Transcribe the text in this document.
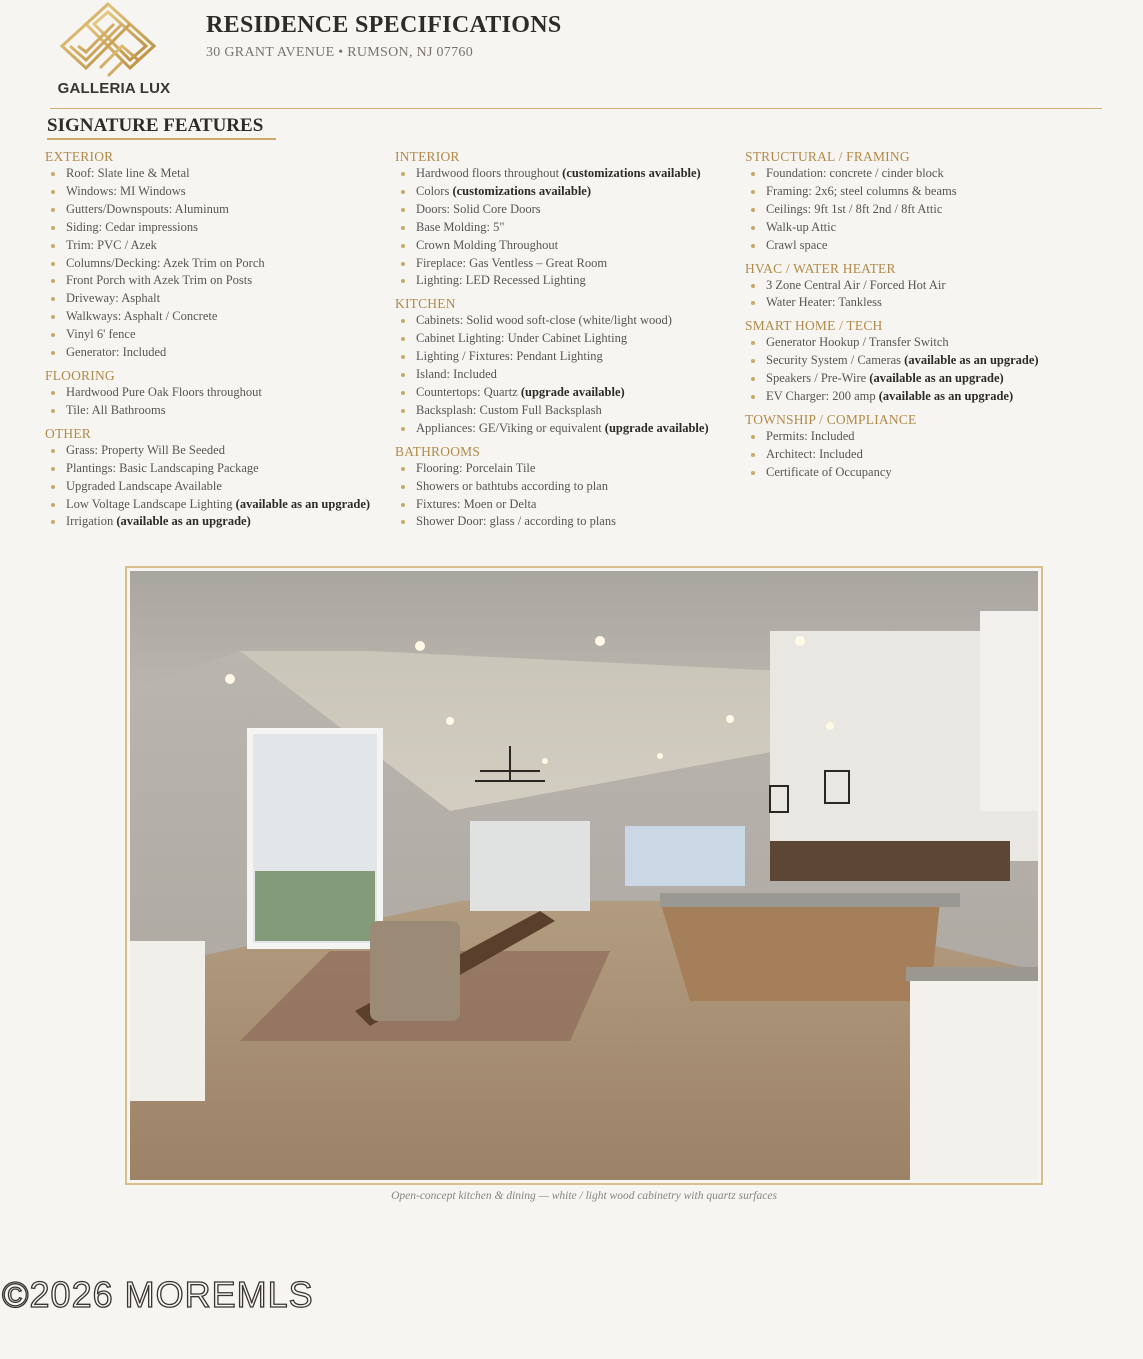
GALLERIA LUX
RESIDENCE SPECIFICATIONS
30 GRANT AVENUE • RUMSON, NJ 07760
SIGNATURE FEATURES
EXTERIOR
Roof: Slate line & Metal
Windows: MI Windows
Gutters/Downspouts: Aluminum
Siding: Cedar impressions
Trim: PVC / Azek
Columns/Decking: Azek Trim on Porch
Front Porch with Azek Trim on Posts
Driveway: Asphalt
Walkways: Asphalt / Concrete
Vinyl 6' fence
Generator: Included
FLOORING
Hardwood Pure Oak Floors throughout
Tile: All Bathrooms
OTHER
Grass: Property Will Be Seeded
Plantings: Basic Landscaping Package
Upgraded Landscape Available
Low Voltage Landscape Lighting (available as an upgrade)
Irrigation (available as an upgrade)
INTERIOR
Hardwood floors throughout (customizations available)
Colors (customizations available)
Doors: Solid Core Doors
Base Molding: 5"
Crown Molding Throughout
Fireplace: Gas Ventless – Great Room
Lighting: LED Recessed Lighting
KITCHEN
Cabinets: Solid wood soft-close (white/light wood)
Cabinet Lighting: Under Cabinet Lighting
Lighting / Fixtures: Pendant Lighting
Island: Included
Countertops: Quartz (upgrade available)
Backsplash: Custom Full Backsplash
Appliances: GE/Viking or equivalent (upgrade available)
BATHROOMS
Flooring: Porcelain Tile
Showers or bathtubs according to plan
Fixtures: Moen or Delta
Shower Door: glass / according to plans
STRUCTURAL / FRAMING
Foundation: concrete / cinder block
Framing: 2x6; steel columns & beams
Ceilings: 9ft 1st / 8ft 2nd / 8ft Attic
Walk-up Attic
Crawl space
HVAC / WATER HEATER
3 Zone Central Air / Forced Hot Air
Water Heater: Tankless
SMART HOME / TECH
Generator Hookup / Transfer Switch
Security System / Cameras (available as an upgrade)
Speakers / Pre-Wire (available as an upgrade)
EV Charger: 200 amp (available as an upgrade)
TOWNSHIP / COMPLIANCE
Permits: Included
Architect: Included
Certificate of Occupancy
Open-concept kitchen & dining — white / light wood cabinetry with quartz surfaces
©2026 MOREMLS
